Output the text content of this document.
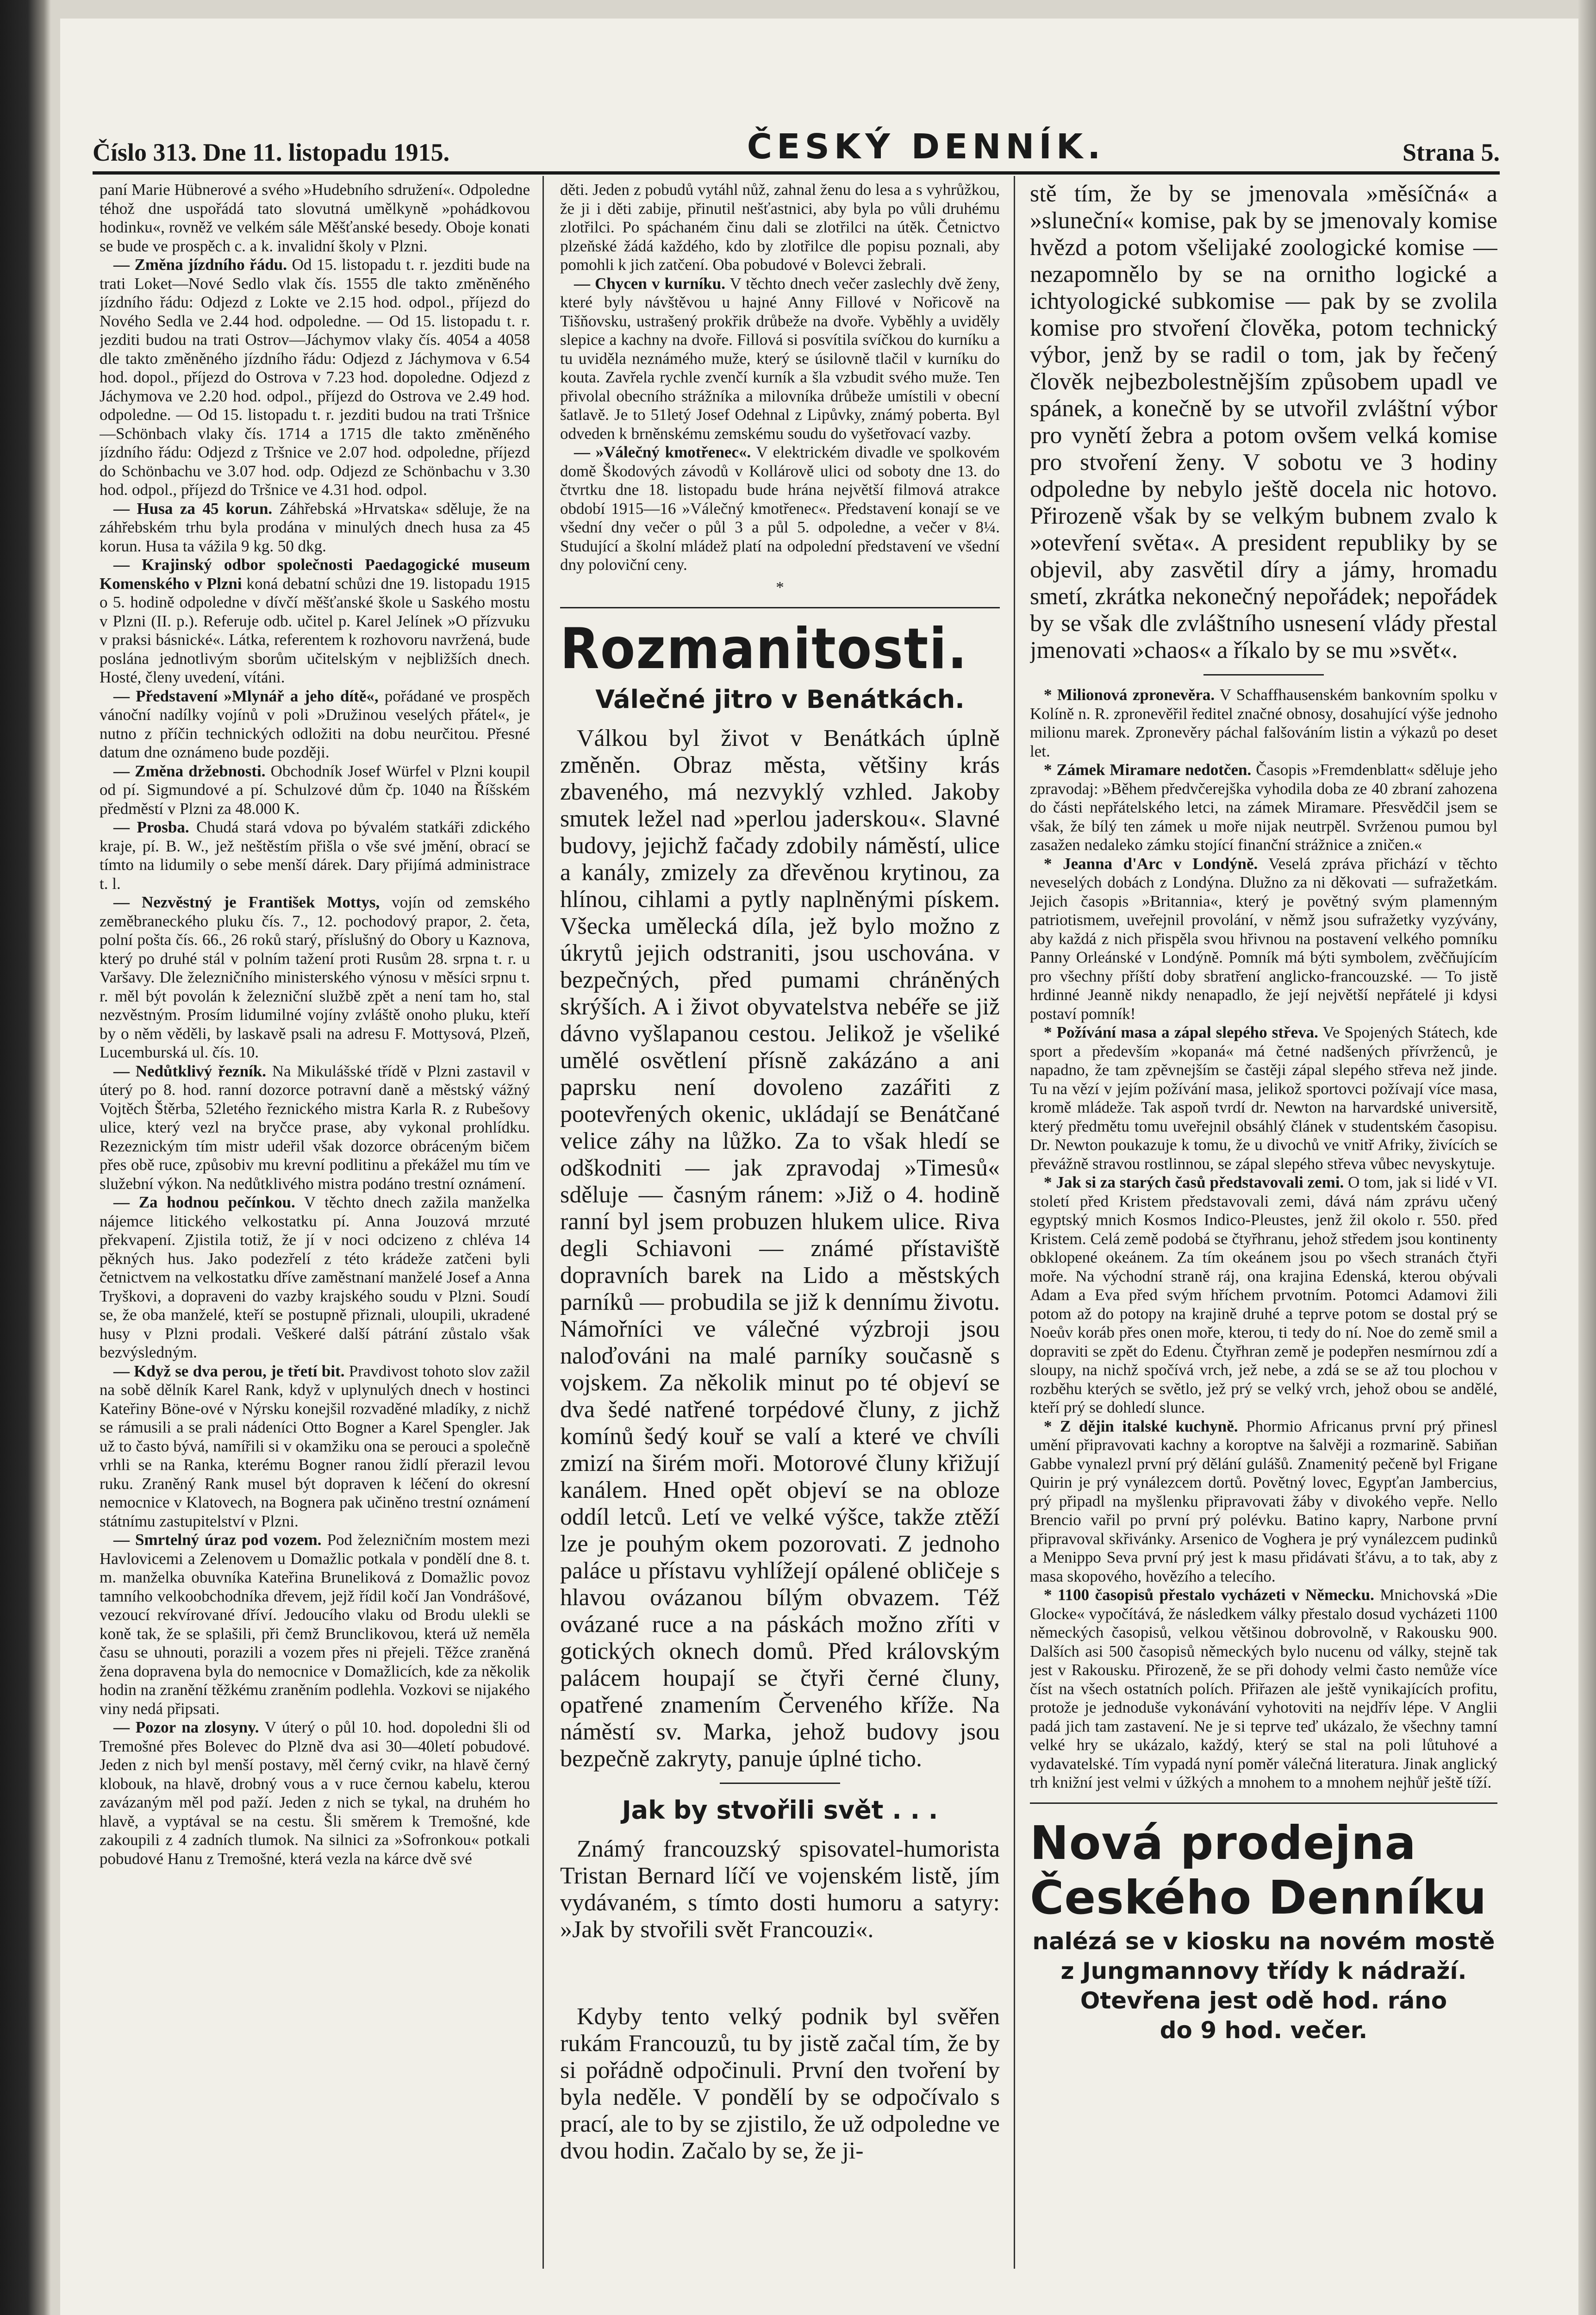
Číslo 313. Dne 11. listopadu 1915.	ČESKÝ DENNÍK.	Strana 5.

paní Marie Hübnerové a svého »Hudebního sdružení«. Odpoledne téhož dne uspořádá tato slovutná umělkyně »pohádkovou hodinku«, rovněž ve velkém sále Měšťanské besedy. Oboje konati se bude ve prospěch c. a k. invalidní školy v Plzni.

— Změna jízdního řádu. Od 15. listopadu t. r. jezditi bude na trati Loket—Nové Sedlo vlak čís. 1555 dle takto změněného jízdního řádu: Odjezd z Lokte ve 2.15 hod. odpol., příjezd do Nového Sedla ve 2.44 hod. odpoledne. — Od 15. listopadu t. r. jezditi budou na trati Ostrov—Jáchymov vlaky čís. 4054 a 4058 dle takto změněného jízdního řádu: Odjezd z Jáchymova v 6.54 hod. dopol., příjezd do Ostrova v 7.23 hod. dopoledne. Odjezd z Jáchymova ve 2.20 hod. odpol., příjezd do Ostrova ve 2.49 hod. odpoledne. — Od 15. listopadu t. r. jezditi budou na trati Tršnice—Schönbach vlaky čís. 1714 a 1715 dle takto změněného jízdního řádu: Odjezd z Tršnice ve 2.07 hod. odpoledne, příjezd do Schönbachu ve 3.07 hod. odp. Odjezd ze Schönbachu v 3.30 hod. odpol., příjezd do Tršnice ve 4.31 hod. odpol.

— Husa za 45 korun. Záhřebská »Hrvatska« sděluje, že na záhřebském trhu byla prodána v minulých dnech husa za 45 korun. Husa ta vážila 9 kg. 50 dkg.

— Krajinský odbor společnosti Paedagogické museum Komenského v Plzni koná debatní schůzi dne 19. listopadu 1915 o 5. hodině odpoledne v dívčí měšťanské škole u Saského mostu v Plzni (II. p.). Referuje odb. učitel p. Karel Jelínek »O přízvuku v praksi básnické«. Látka, referentem k rozhovoru navržená, bude poslána jednotlivým sborům učitelským v nejbližších dnech. Hosté, členy uvedení, vítáni.

— Představení »Mlynář a jeho dítě«, pořádané ve prospěch vánoční nadílky vojínů v poli »Družinou veselých přátel«, je nutno z příčin technických odložiti na dobu neurčitou. Přesné datum dne oznámeno bude později.

— Změna držebnosti. Obchodník Josef Würfel v Plzni koupil od pí. Sigmundové a pí. Schulzové dům čp. 1040 na Říšském předměstí v Plzni za 48.000 K.

— Prosba. Chudá stará vdova po bývalém statkáři zdického kraje, pí. B. W., jež neštěstím přišla o vše své jmění, obrací se tímto na lidumily o sebe menší dárek. Dary přijímá administrace t. l.

— Nezvěstný je František Mottys, vojín od zemského zeměbraneckého pluku čís. 7., 12. pochodový prapor, 2. četa, polní pošta čís. 66., 26 roků starý, příslušný do Obory u Kaznova, který po druhé stál v polním tažení proti Rusům 28. srpna t. r. u Varšavy. Dle železničního ministerského výnosu v měsíci srpnu t. r. měl být povolán k železniční službě zpět a není tam ho, stal nezvěstným. Prosím lidumilné vojíny zvláště onoho pluku, kteří by o něm věděli, by laskavě psali na adresu F. Mottysová, Plzeň, Lucemburská ul. čís. 10.

— Nedůtklivý řezník. Na Mikulášské třídě v Plzni zastavil v úterý po 8. hod. ranní dozorce potravní daně a městský vážný Vojtěch Štěrba, 52letého řeznického mistra Karla R. z Rubešovy ulice, který vezl na bryčce prase, aby vykonal prohlídku. Rezeznickým tím mistr udeřil však dozorce obráceným bičem přes obě ruce, způsobiv mu krevní podlitinu a překážel mu tím ve služební výkon. Na nedůtklivého mistra podáno trestní oznámení.

— Za hodnou pečínkou. V těchto dnech zažila manželka nájemce litického velkostatku pí. Anna Jouzová mrzuté překvapení. Zjistila totiž, že jí v noci odcizeno z chléva 14 pěkných hus. Jako podezřelí z této krádeže zatčeni byli četnictvem na velkostatku dříve zaměstnaní manželé Josef a Anna Tryškovi, a dopraveni do vazby krajského soudu v Plzni. Soudí se, že oba manželé, kteří se postupně přiznali, uloupili, ukradené husy v Plzni prodali. Veškeré další pátrání zůstalo však bezvýsledným.

— Když se dva perou, je třetí bit. Pravdivost tohoto slov zažil na sobě dělník Karel Rank, když v uplynulých dnech v hostinci Kateřiny Böne-ové v Nýrsku konejšil rozvaděné mladíky, z nichž se rámusili a se prali nádeníci Otto Bogner a Karel Spengler. Jak už to často bývá, namířili si v okamžiku ona se perouci a společně vrhli se na Ranka, kterému Bogner ranou židlí přerazil levou ruku. Zraněný Rank musel být dopraven k léčení do okresní nemocnice v Klatovech, na Bognera pak učiněno trestní oznámení státnímu zastupitelství v Plzni.

— Smrtelný úraz pod vozem. Pod železničním mostem mezi Havlovicemi a Zelenovem u Domažlic potkala v pondělí dne 8. t. m. manželka obuvníka Kateřina Bruneliková z Domažlic povoz tamního velkoobchodníka dřevem, jejž řídil kočí Jan Vondrášové, vezoucí rekvírované dříví. Jedoucího vlaku od Brodu ulekli se koně tak, že se splašili, při čemž Brunclikovou, která už neměla času se uhnouti, porazili a vozem přes ni přejeli. Těžce zraněná žena dopravena byla do nemocnice v Domažlicích, kde za několik hodin na zranění těžkému zraněním podlehla. Vozkovi se nijakého viny nedá připsati.

— Pozor na zlosyny. V úterý o půl 10. hod. dopoledni šli od Tremošné přes Bolevec do Plzně dva asi 30—40letí pobudové. Jeden z nich byl menší postavy, měl černý cvikr, na hlavě černý klobouk, na hlavě, drobný vous a v ruce černou kabelu, kterou zavázaným měl pod paží. Jeden z nich se tykal, na druhém ho hlavě, a vyptával se na cestu. Šli směrem k Tremošné, kde zakoupili z 4 zadních tlumok. Na silnici za »Sofronkou« potkali pobudové Hanu z Tremošné, která vezla na kárce dvě své

děti. Jeden z pobudů vytáhl nůž, zahnal ženu do lesa a s vyhrůžkou, že ji i děti zabije, přinutil nešťastnici, aby byla po vůli druhému zlotřilci. Po spáchaném činu dali se zlotřilci na útěk. Četnictvo plzeňské žádá každého, kdo by zlotřilce dle popisu poznali, aby pomohli k jich zatčení. Oba pobudové v Bolevci žebrali.

— Chycen v kurníku. V těchto dnech večer zaslechly dvě ženy, které byly návštěvou u hajné Anny Fillové v Nořicově na Tišňovsku, ustrašený prokřik drůbeže na dvoře. Vyběhly a uviděly slepice a kachny na dvoře. Fillová si posvítila svíčkou do kurníku a tu uviděla neznámého muže, který se úsilovně tlačil v kurníku do kouta. Zavřela rychle zvenčí kurník a šla vzbudit svého muže. Ten přivolal obecního strážníka a milovníka drůbeže umístili v obecní šatlavě. Je to 51letý Josef Odehnal z Lipůvky, známý poberta. Byl odveden k brněnskému zemskému soudu do vyšetřovací vazby.

— »Válečný kmotřenec«. V elektrickém divadle ve spolkovém domě Škodových závodů v Kollárově ulici od soboty dne 13. do čtvrtku dne 18. listopadu bude hrána největší filmová atrakce období 1915—16 »Válečný kmotřenec«. Představení konají se ve všední dny večer o půl 3 a půl 5. odpoledne, a večer v 8¼. Studující a školní mládež platí na odpolední představení ve všední dny poloviční ceny.

*
Rozmanitosti.
Válečné jitro v Benátkách.

Válkou byl život v Benátkách úplně změněn. Obraz města, většiny krás zbaveného, má nezvyklý vzhled. Jakoby smutek ležel nad »perlou jaderskou«. Slavné budovy, jejichž fačady zdobily náměstí, ulice a kanály, zmizely za dřevěnou krytinou, za hlínou, cihlami a pytly naplněnými pískem. Všecka umělecká díla, jež bylo možno z úkrytů jejich odstraniti, jsou uschována. v bezpečných, před pumami chráněných skrýších. A i život obyvatelstva nebéře se již dávno vyšlapanou cestou. Jelikož je všeliké umělé osvětlení přísně zakázáno a ani paprsku není dovoleno zazářiti z pootevřených okenic, ukládají se Benátčané velice záhy na lůžko. Za to však hledí se odškodniti — jak zpravodaj »Timesů« sděluje — časným ránem: »Již o 4. hodině ranní byl jsem probuzen hlukem ulice. Riva degli Schiavoni — známé přístaviště dopravních barek na Lido a městských parníků — probudila se již k dennímu životu. Námořníci ve válečné výzbroji jsou naloďováni na malé parníky současně s vojskem. Za několik minut po té objeví se dva šedé natřené torpédové čluny, z jichž komínů šedý kouř se valí a které ve chvíli zmizí na širém moři. Motorové čluny křižují kanálem. Hned opět objeví se na obloze oddíl letců. Letí ve velké výšce, takže ztěží lze je pouhým okem pozorovati. Z jednoho paláce u přístavu vyhlížejí opálené obličeje s hlavou ovázanou bílým obvazem. Též ovázané ruce a na páskách možno zříti v gotických oknech domů. Před královským palácem houpají se čtyři černé čluny, opatřené znamením Červeného kříže. Na náměstí sv. Marka, jehož budovy jsou bezpečně zakryty, panuje úplné ticho.

Jak by stvořili svět . . .

Známý francouzský spisovatel-humorista Tristan Bernard líčí ve vojenském listě, jím vydávaném, s tímto dosti humoru a satyry: »Jak by stvořili svět Francouzi«.

Kdyby tento velký podnik byl svěřen rukám Francouzů, tu by jistě začal tím, že by si pořádně odpočinuli. První den tvoření by byla neděle. V pondělí by se odpočívalo s prací, ale to by se zjistilo, že už odpoledne ve dvou hodin. Začalo by se, že ji-

stě tím, že by se jmenovala »měsíčná« a »sluneční« komise, pak by se jmenovaly komise hvězd a potom všelijaké zoologické komise — nezapomnělo by se na ornitho logické a ichtyologické subkomise — pak by se zvolila komise pro stvoření člověka, potom technický výbor, jenž by se radil o tom, jak by řečený člověk nejbezbolestnějším způsobem upadl ve spánek, a konečně by se utvořil zvláštní výbor pro vynětí žebra a potom ovšem velká komise pro stvoření ženy. V sobotu ve 3 hodiny odpoledne by nebylo ještě docela nic hotovo. Přirozeně však by se velkým bubnem zvalo k »otevření světa«. A president republiky by se objevil, aby zasvětil díry a jámy, hromadu smetí, zkrátka nekonečný nepořádek; nepořádek by se však dle zvláštního usnesení vlády přestal jmenovati »chaos« a říkalo by se mu »svět«.

* Milionová zpronevěra. V Schaffhausenském bankovním spolku v Kolíně n. R. zpronevěřil ředitel značné obnosy, dosahující výše jednoho milionu marek. Zpronevěry páchal falšováním listin a výkazů po deset let.

* Zámek Miramare nedotčen. Časopis »Fremdenblatt« sděluje jeho zpravodaj: »Během předvčerejška vyhodila doba ze 40 zbraní zahozena do části nepřátelského letci, na zámek Miramare. Přesvědčil jsem se však, že bílý ten zámek u moře nijak neutrpěl. Svrženou pumou byl zasažen nedaleko zámku stojící finanční strážnice a zničen.«

* Jeanna d'Arc v Londýně. Veselá zpráva přichází v těchto neveselých dobách z Londýna. Dlužno za ni děkovati — sufražetkám. Jejich časopis »Britannia«, který je povětný svým plamenným patriotismem, uveřejnil provolání, v němž jsou sufražetky vyzývány, aby každá z nich přispěla svou hřivnou na postavení velkého pomníku Panny Orleánské v Londýně. Pomník má býti symbolem, zvěčňujícím pro všechny příští doby sbratření anglicko-francouzské. — To jistě hrdinné Jeanně nikdy nenapadlo, že její největší nepřátelé ji kdysi postaví pomník!

* Požívání masa a zápal slepého střeva. Ve Spojených Státech, kde sport a především »kopaná« má četné nadšených přívrženců, je napadno, že tam zpěvnejším se častěji zápal slepého střeva než jinde. Tu na vězí v jejím požívání masa, jelikož sportovci požívají více masa, kromě mládeže. Tak aspoň tvrdí dr. Newton na harvardské universitě, který předmětu tomu uveřejnil obsáhlý článek v studentském časopisu. Dr. Newton poukazuje k tomu, že u divochů ve vnitř Afriky, živících se převážně stravou rostlinnou, se zápal slepého střeva vůbec nevyskytuje.

* Jak si za starých časů představovali zemi. O tom, jak si lidé v VI. století před Kristem představovali zemi, dává nám zprávu učený egyptský mnich Kosmos Indico-Pleustes, jenž žil okolo r. 550. před Kristem. Celá země podobá se čtyřhranu, jehož středem jsou kontinenty obklopené okeánem. Za tím okeánem jsou po všech stranách čtyři moře. Na východní straně ráj, ona krajina Edenská, kterou obývali Adam a Eva před svým hříchem prvotním. Potomci Adamovi žili potom až do potopy na krajině druhé a teprve potom se dostal prý se Noeův koráb přes onen moře, kterou, ti tedy do ní. Noe do země smil a dopraviti se zpět do Edenu. Čtyřhran země je podepřen nesmírnou zdí a sloupy, na nichž spočívá vrch, jež nebe, a zdá se se až tou plochou v rozběhu kterých se světlo, jež prý se velký vrch, jehož obou se andělé, kteří prý se dohledí slunce.

* Z dějin italské kuchyně. Phormio Africanus první prý přinesl umění připravovati kachny a koroptve na šalvěji a rozmarině. Sabiňan Gabbe vynalezl první prý dělání gulášů. Znamenitý pečeně byl Frigane Quirin je prý vynálezcem dortů. Povětný lovec, Egypťan Jambercius, prý připadl na myšlenku připravovati žáby v divokého vepře. Nello Brencio vařil po první prý polévku. Batino kapry, Narbone první připravoval skřivánky. Arsenico de Voghera je prý vynálezcem pudinků a Menippo Seva první prý jest k masu přidávati šťávu, a to tak, aby z masa skopového, hovězího a telecího.

* 1100 časopisů přestalo vycházeti v Německu. Mnichovská »Die Glocke« vypočítává, že následkem války přestalo dosud vycházeti 1100 německých časopisů, velkou většinou dobrovolně, v Rakousku 900. Dalších asi 500 časopisů německých bylo nucenu od války, stejně tak jest v Rakousku. Přirozeně, že se při dohody velmi často nemůže více číst na všech ostatních polích. Přiřazen ale ještě vynikajících profitu, protože je jednoduše vykonávání vyhotoviti na nejdřív lépe. V Anglii padá jich tam zastavení. Ne je si teprve teď ukázalo, že všechny tamní velké hry se ukázalo, každý, který se stal na poli lůtuhové a vydavatelské. Tím vypadá nyní poměr válečná literatura. Jinak anglický trh knižní jest velmi v úžkých a mnohem to a mnohem nejhůř ještě tíží.

Nová prodejna Českého Denníku
nalézá se v kiosku na novém mostě
z Jungmannovy třídy k nádraží.
Otevřena jest odě hod. ráno
do 9 hod. večer.
